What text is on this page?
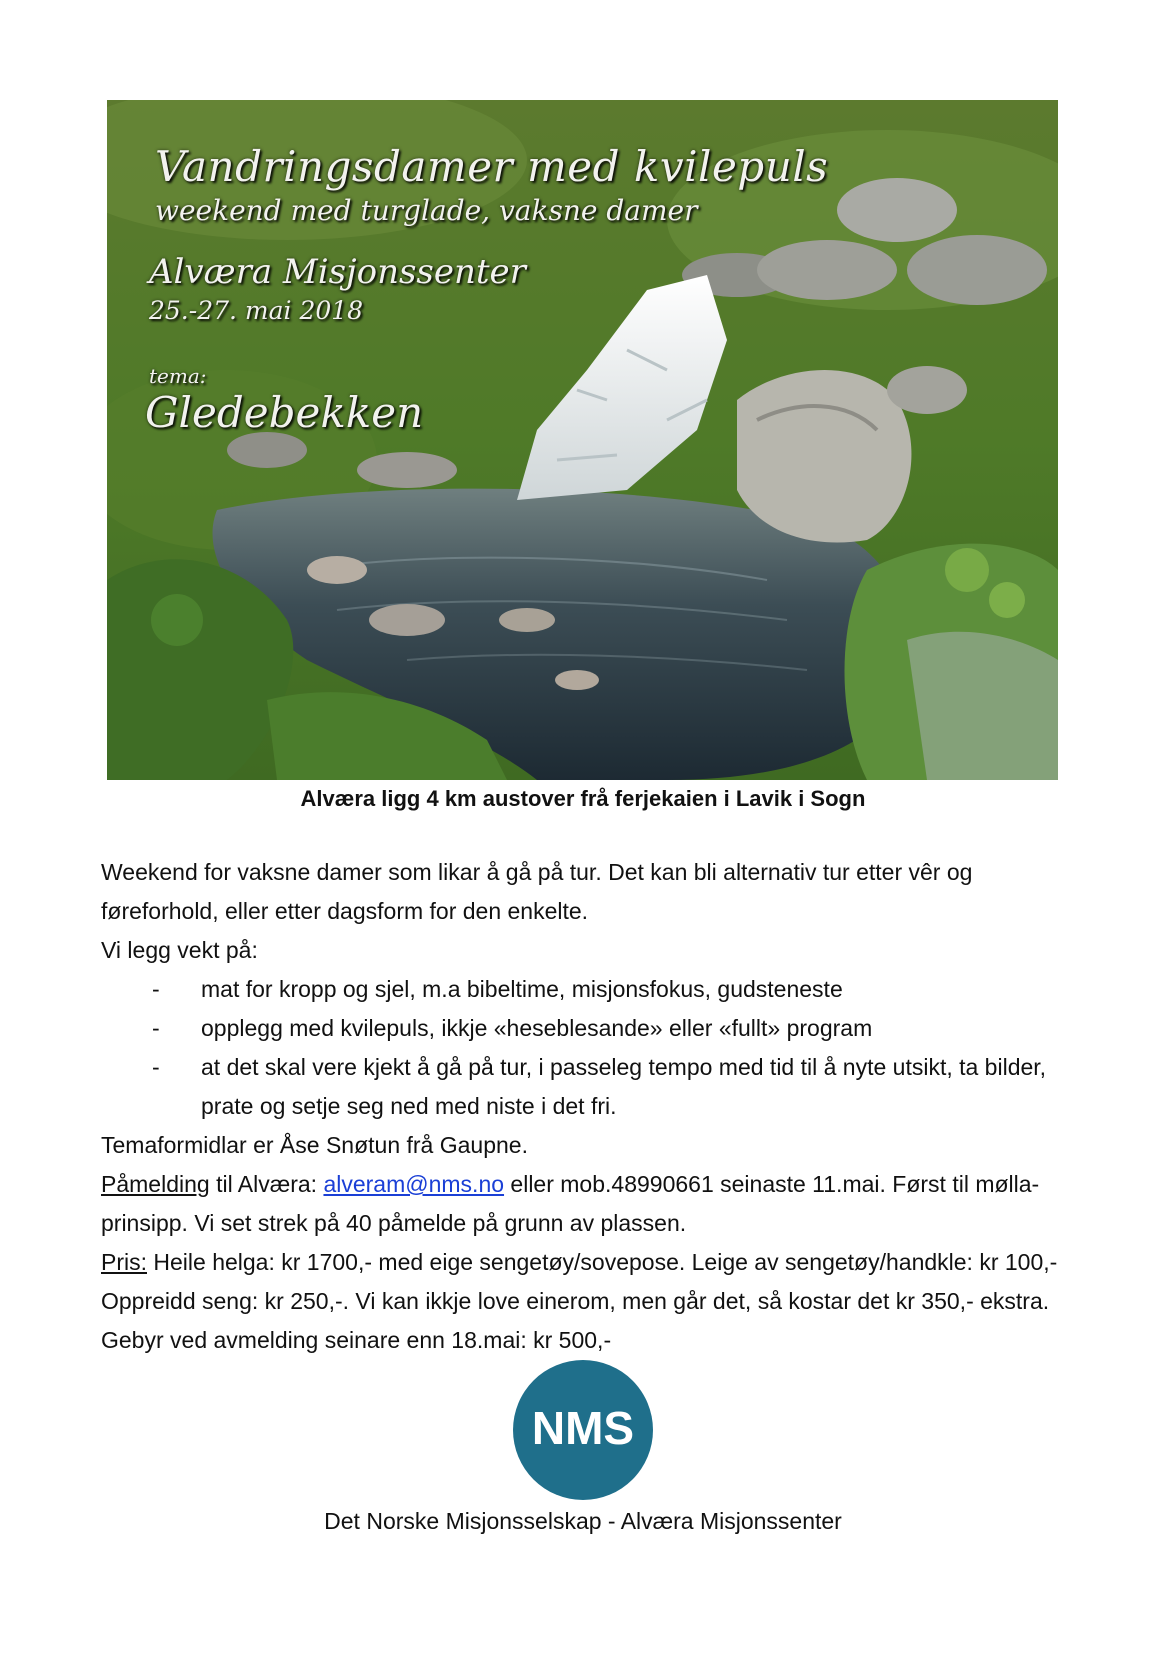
Vandringsdamer med kvilepuls

weekend med turglade, vaksne damer

Alværa Misjonssenter

25.-27. mai 2018

tema:

Gledebekken

Alværa ligg 4 km austover frå ferjekaien i Lavik i Sogn
Weekend for vaksne damer som likar å gå på tur. Det kan bli alternativ tur etter vêr og føreforhold, eller etter dagsform for den enkelte.
Vi legg vekt på:
- mat for kropp og sjel, m.a bibeltime, misjonsfokus, gudsteneste
- opplegg med kvilepuls, ikkje «heseblesande» eller «fullt» program
- at det skal vere kjekt å gå på tur, i passeleg tempo med tid til å nyte utsikt, ta bilder, prate og setje seg ned med niste i det fri.
Temaformidlar er Åse Snøtun frå Gaupne.
Påmelding til Alværa: alveram@nms.no eller mob.48990661 seinaste 11.mai. Først til mølla-prinsipp. Vi set strek på 40 påmelde på grunn av plassen.
Pris: Heile helga: kr 1700,- med eige sengetøy/sovepose. Leige av sengetøy/handkle: kr 100,- Oppreidd seng: kr 250,-. Vi kan ikkje love einerom, men går det, så kostar det kr 350,- ekstra. Gebyr ved avmelding seinare enn 18.mai: kr 500,-
NMS
Det Norske Misjonsselskap - Alværa Misjonssenter
